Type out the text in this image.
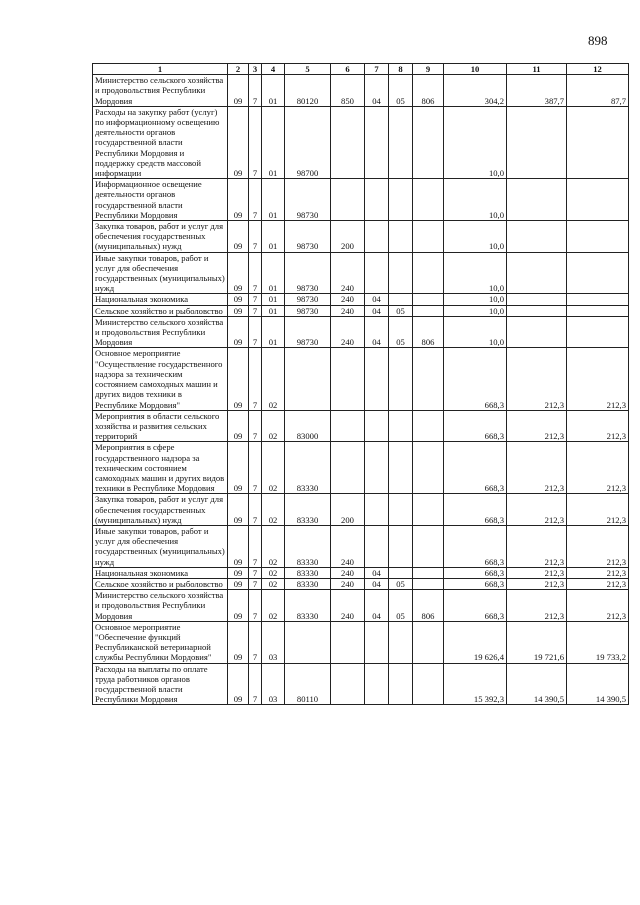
898
1	2	3	4	5	6	7	8	9	10	11	12
Министерство сельского хозяйства и продовольствия Республики Мордовия	09	7	01	80120	850	04	05	806	304,2	387,7	87,7
Расходы на закупку работ (услуг) по информационному освещению деятельности органов государственной власти Республики Мордовия и поддержку средств массовой информации	09	7	01	98700					10,0		
Информационное освещение деятельности органов государственной власти Республики Мордовия	09	7	01	98730					10,0		
Закупка товаров, работ и услуг для обеспечения государственных (муниципальных) нужд	09	7	01	98730	200				10,0		
Иные закупки товаров, работ и услуг для обеспечения государственных (муниципальных) нужд	09	7	01	98730	240				10,0		
Национальная экономика	09	7	01	98730	240	04			10,0		
Сельское хозяйство и рыболовство	09	7	01	98730	240	04	05		10,0		
Министерство сельского хозяйства и продовольствия Республики Мордовия	09	7	01	98730	240	04	05	806	10,0		
Основное мероприятие "Осуществление государственного надзора за техническим состоянием самоходных машин и других видов техники в Республике Мордовия"	09	7	02						668,3	212,3	212,3
Мероприятия в области сельского хозяйства и развития сельских территорий	09	7	02	83000					668,3	212,3	212,3
Мероприятия в сфере государственного надзора за техническим состоянием самоходных машин и других видов техники в Республике Мордовия	09	7	02	83330					668,3	212,3	212,3
Закупка товаров, работ и услуг для обеспечения государственных (муниципальных) нужд	09	7	02	83330	200				668,3	212,3	212,3
Иные закупки товаров, работ и услуг для обеспечения государственных (муниципальных) нужд	09	7	02	83330	240				668,3	212,3	212,3
Национальная экономика	09	7	02	83330	240	04			668,3	212,3	212,3
Сельское хозяйство и рыболовство	09	7	02	83330	240	04	05		668,3	212,3	212,3
Министерство сельского хозяйства и продовольствия Республики Мордовия	09	7	02	83330	240	04	05	806	668,3	212,3	212,3
Основное мероприятие "Обеспечение функций Республиканской ветеринарной службы Республики Мордовия"	09	7	03						19 626,4	19 721,6	19 733,2
Расходы на выплаты по оплате труда работников органов государственной власти Республики Мордовия	09	7	03	80110					15 392,3	14 390,5	14 390,5
